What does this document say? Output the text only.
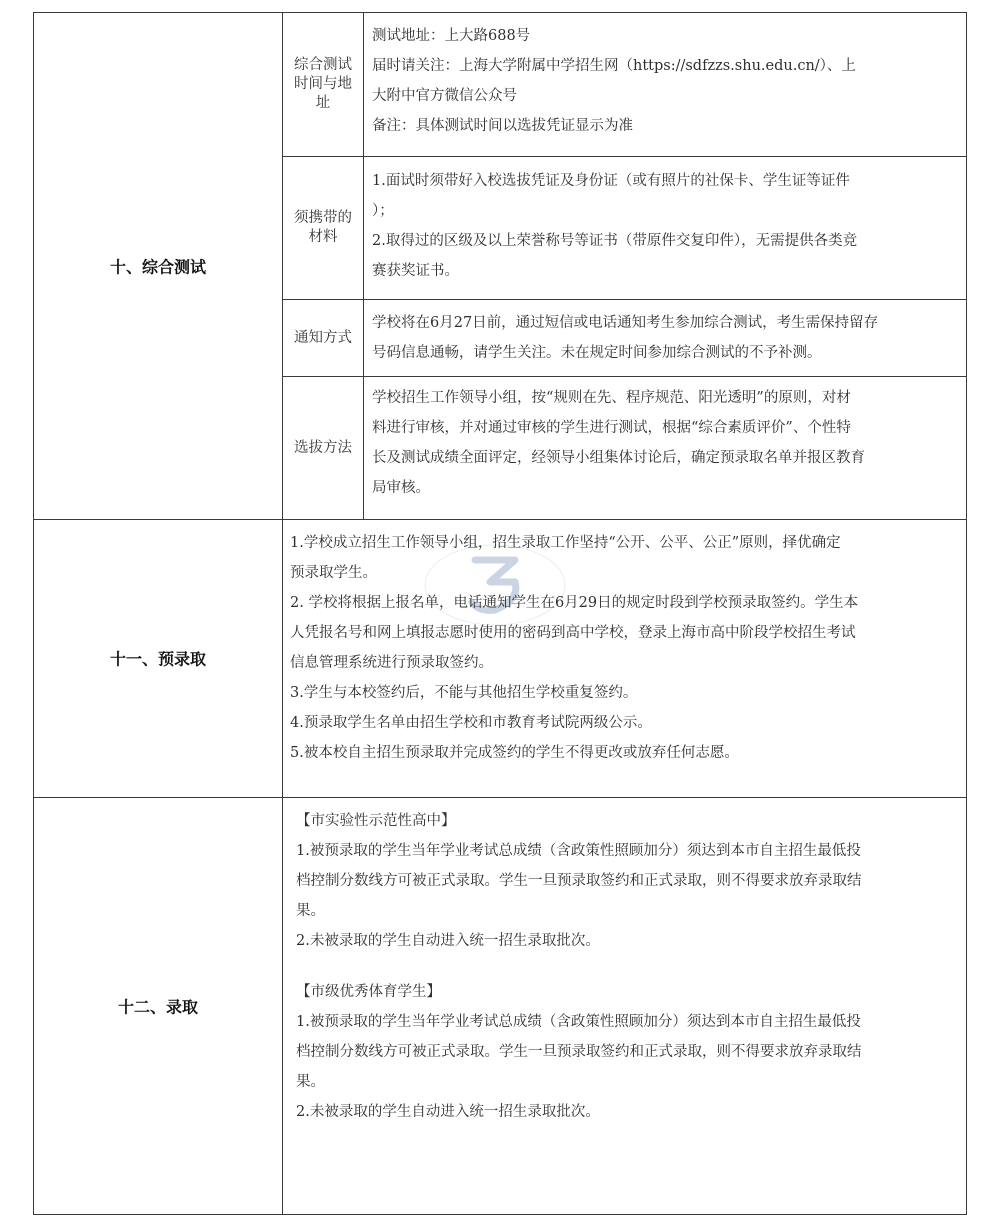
十、综合测试
综合测试
时间与地
址
测试地址：上大路688号
届时请关注：上海大学附属中学招生网（https://sdfzzs.shu.edu.cn/）、上
大附中官方微信公众号
备注：具体测试时间以选拔凭证显示为准
须携带的
材料
1.面试时须带好入校选拔凭证及身份证（或有照片的社保卡、学生证等证件
）；
2.取得过的区级及以上荣誉称号等证书（带原件交复印件），无需提供各类竞
赛获奖证书。
通知方式
学校将在6月27日前，通过短信或电话通知考生参加综合测试，考生需保持留存
号码信息通畅，请学生关注。未在规定时间参加综合测试的不予补测。
选拔方法
学校招生工作领导小组，按“规则在先、程序规范、阳光透明”的原则，对材
料进行审核，并对通过审核的学生进行测试，根据“综合素质评价”、个性特
长及测试成绩全面评定，经领导小组集体讨论后，确定预录取名单并报区教育
局审核。
十一、预录取
1.学校成立招生工作领导小组，招生录取工作坚持“公开、公平、公正”原则，择优确定
预录取学生。
2. 学校将根据上报名单，电话通知学生在6月29日的规定时段到学校预录取签约。学生本
人凭报名号和网上填报志愿时使用的密码到高中学校，登录上海市高中阶段学校招生考试
信息管理系统进行预录取签约。
3.学生与本校签约后，不能与其他招生学校重复签约。
4.预录取学生名单由招生学校和市教育考试院两级公示。
5.被本校自主招生预录取并完成签约的学生不得更改或放弃任何志愿。
十二、录取
【市实验性示范性高中】
1.被预录取的学生当年学业考试总成绩（含政策性照顾加分）须达到本市自主招生最低投
档控制分数线方可被正式录取。学生一旦预录取签约和正式录取，则不得要求放弃录取结
果。
2.未被录取的学生自动进入统一招生录取批次。
【市级优秀体育学生】
1.被预录取的学生当年学业考试总成绩（含政策性照顾加分）须达到本市自主招生最低投
档控制分数线方可被正式录取。学生一旦预录取签约和正式录取，则不得要求放弃录取结
果。
2.未被录取的学生自动进入统一招生录取批次。
